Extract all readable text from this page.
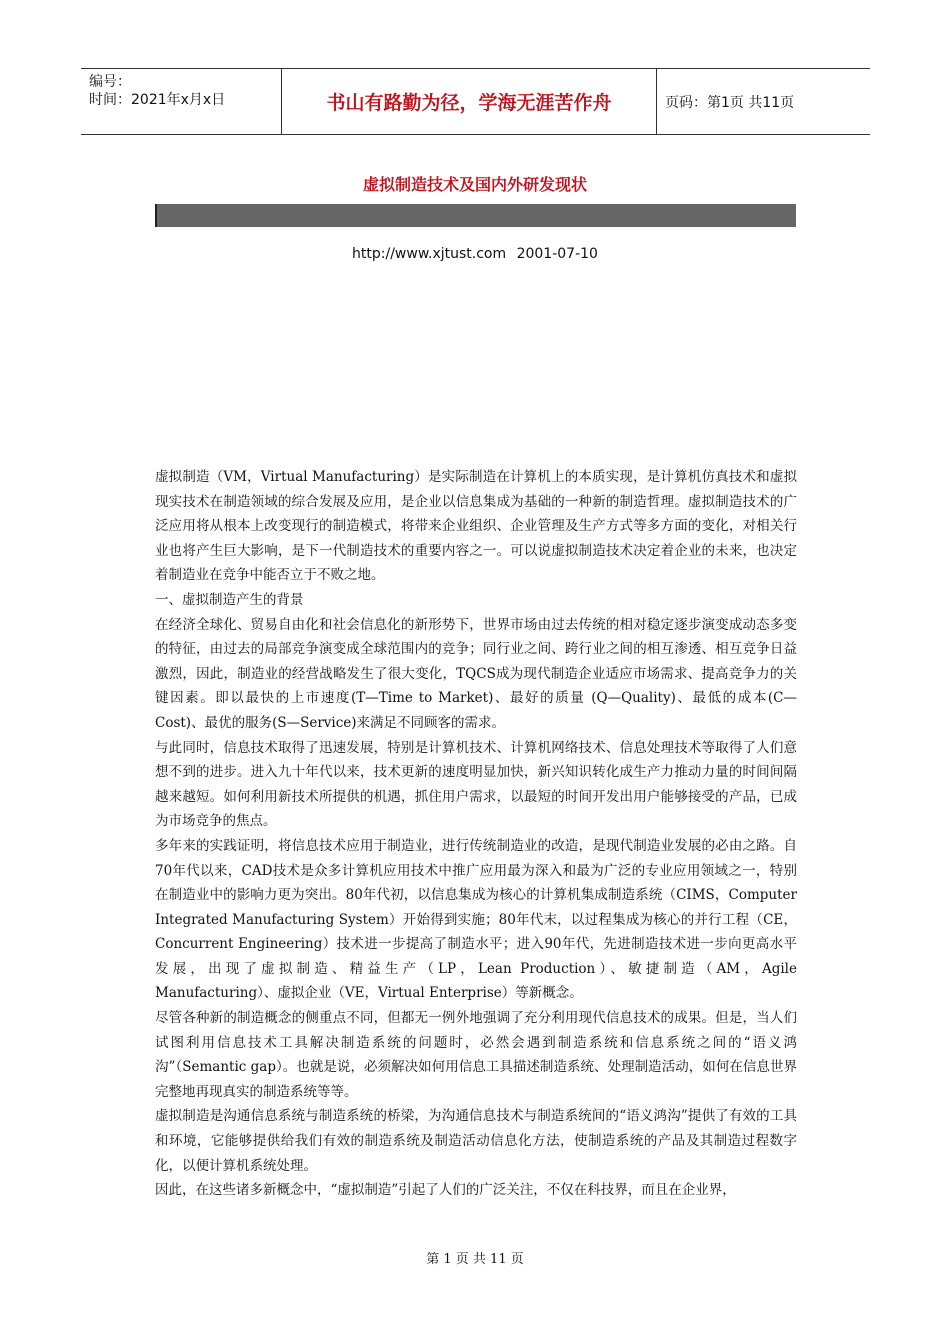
编号：
时间：2021年x月x日	书山有路勤为径，学海无涯苦作舟	页码：第1页 共11页
虚拟制造技术及国内外研发现状
http://www.xjtust.com 2001-07-10

虚拟制造（VM，Virtual Manufacturing）是实际制造在计算机上的本质实现，是计算机仿真技术和虚拟现实技术在制造领域的综合发展及应用，是企业以信息集成为基础的一种新的制造哲理。虚拟制造技术的广泛应用将从根本上改变现行的制造模式，将带来企业组织、企业管理及生产方式等多方面的变化，对相关行业也将产生巨大影响，是下一代制造技术的重要内容之一。可以说虚拟制造技术决定着企业的未来，也决定着制造业在竞争中能否立于不败之地。

一、虚拟制造产生的背景

在经济全球化、贸易自由化和社会信息化的新形势下，世界市场由过去传统的相对稳定逐步演变成动态多变的特征，由过去的局部竞争演变成全球范围内的竞争；同行业之间、跨行业之间的相互渗透、相互竞争日益激烈，因此，制造业的经营战略发生了很大变化，TQCS成为现代制造企业适应市场需求、提高竞争力的关键因素。即以最快的上市速度(T—Time to Market)、最好的质量 (Q—Quality)、最低的成本(C—Cost)、最优的服务(S—Service)来满足不同顾客的需求。

与此同时，信息技术取得了迅速发展，特别是计算机技术、计算机网络技术、信息处理技术等取得了人们意想不到的进步。进入九十年代以来，技术更新的速度明显加快，新兴知识转化成生产力推动力量的时间间隔越来越短。如何利用新技术所提供的机遇，抓住用户需求，以最短的时间开发出用户能够接受的产品，已成为市场竞争的焦点。

多年来的实践证明，将信息技术应用于制造业，进行传统制造业的改造，是现代制造业发展的必由之路。自70年代以来，CAD技术是众多计算机应用技术中推广应用最为深入和最为广泛的专业应用领域之一，特别在制造业中的影响力更为突出。80年代初，以信息集成为核心的计算机集成制造系统（CIMS，Computer Integrated Manufacturing System）开始得到实施；80年代末，以过程集成为核心的并行工程（CE，Concurrent Engineering）技术进一步提高了制造水平；进入90年代，先进制造技术进一步向更高水平发展，出现了虚拟制造、精益生产（LP，Lean Production）、敏捷制造（AM，Agile Manufacturing）、虚拟企业（VE，Virtual Enterprise）等新概念。

尽管各种新的制造概念的侧重点不同，但都无一例外地强调了充分利用现代信息技术的成果。但是，当人们试图利用信息技术工具解决制造系统的问题时，必然会遇到制造系统和信息系统之间的“语义鸿沟”（Semantic gap）。也就是说，必须解决如何用信息工具描述制造系统、处理制造活动，如何在信息世界完整地再现真实的制造系统等等。

虚拟制造是沟通信息系统与制造系统的桥梁，为沟通信息技术与制造系统间的“语义鸿沟”提供了有效的工具和环境，它能够提供给我们有效的制造系统及制造活动信息化方法，使制造系统的产品及其制造过程数字化，以便计算机系统处理。

因此，在这些诸多新概念中，“虚拟制造”引起了人们的广泛关注，不仅在科技界，而且在企业界，

第 1 页 共 11 页
